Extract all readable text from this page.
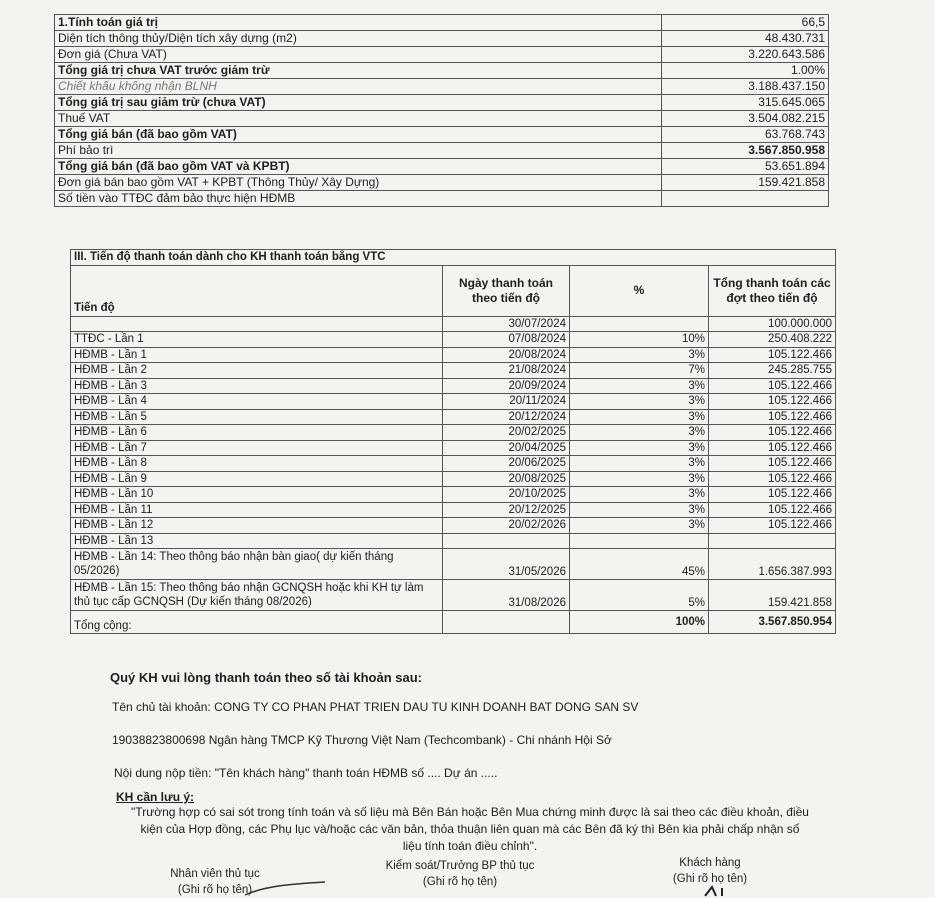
1.Tính toán giá trị	66,5
Diện tích thông thủy/Diện tích xây dựng (m2)	48.430.731
Đơn giá (Chưa VAT)	3.220.643.586
Tổng giá trị chưa VAT trước giảm trừ	1.00%
Chiết khấu không nhận BLNH	3.188.437.150
Tổng giá trị sau giảm trừ (chưa VAT)	315.645.065
Thuế VAT	3.504.082.215
Tổng giá bán (đã bao gồm VAT)	63.768.743
Phí bảo trì	3.567.850.958
Tổng giá bán (đã bao gồm VAT và KPBT)	53.651.894
Đơn giá bán bao gồm VAT + KPBT (Thông Thủy/ Xây Dựng)	159.421.858
Số tiền vào TTĐC đảm bảo thực hiện HĐMB	
III. Tiến độ thanh toán dành cho KH thanh toán bằng VTC			
Tiến độ	Ngày thanh toán theo tiến độ	%	Tổng thanh toán các đợt theo tiến độ
	30/07/2024		100.000.000
TTĐC - Lần 1	07/08/2024	10%	250.408.222
HĐMB - Lần 1	20/08/2024	3%	105.122.466
HĐMB - Lần 2	21/08/2024	7%	245.285.755
HĐMB - Lần 3	20/09/2024	3%	105.122.466
HĐMB - Lần 4	20/11/2024	3%	105.122.466
HĐMB - Lần 5	20/12/2024	3%	105.122.466
HĐMB - Lần 6	20/02/2025	3%	105.122.466
HĐMB - Lần 7	20/04/2025	3%	105.122.466
HĐMB - Lần 8	20/06/2025	3%	105.122.466
HĐMB - Lần 9	20/08/2025	3%	105.122.466
HĐMB - Lần 10	20/10/2025	3%	105.122.466
HĐMB - Lần 11	20/12/2025	3%	105.122.466
HĐMB - Lần 12	20/02/2026	3%	105.122.466
HĐMB - Lần 13			
HĐMB - Lần 14: Theo thông báo nhận bàn giao( dự kiến tháng 05/2026)	31/05/2026	45%	1.656.387.993
HĐMB - Lần 15: Theo thông báo nhận GCNQSH hoặc khi KH tự làm thủ tục cấp GCNQSH (Dự kiến tháng 08/2026)	31/08/2026	5%	159.421.858
Tổng cộng:		100%	3.567.850.954
Quý KH vui lòng thanh toán theo số tài khoản sau:
Tên chủ tài khoản: CONG TY CO PHAN PHAT TRIEN DAU TU KINH DOANH BAT DONG SAN SV
19038823800698 Ngân hàng TMCP Kỹ Thương Việt Nam (Techcombank) - Chi nhánh Hội Sở
Nội dung nộp tiền: "Tên khách hàng" thanh toán HĐMB số .... Dự án .....
KH cần lưu ý:
"Trường hợp có sai sót trong tính toán và số liệu mà Bên Bán hoặc Bên Mua chứng minh được là sai theo các điều khoản, điều
kiện của Hợp đồng, các Phụ lục và/hoặc các văn bản, thỏa thuận liên quan mà các Bên đã ký thì Bên kia phải chấp nhận số
liệu tính toán điều chỉnh".
Nhân viên thủ tục
(Ghi rõ họ tên)
Kiểm soát/Trưởng BP thủ tục
(Ghi rõ họ tên)
Khách hàng
(Ghi rõ họ tên)
